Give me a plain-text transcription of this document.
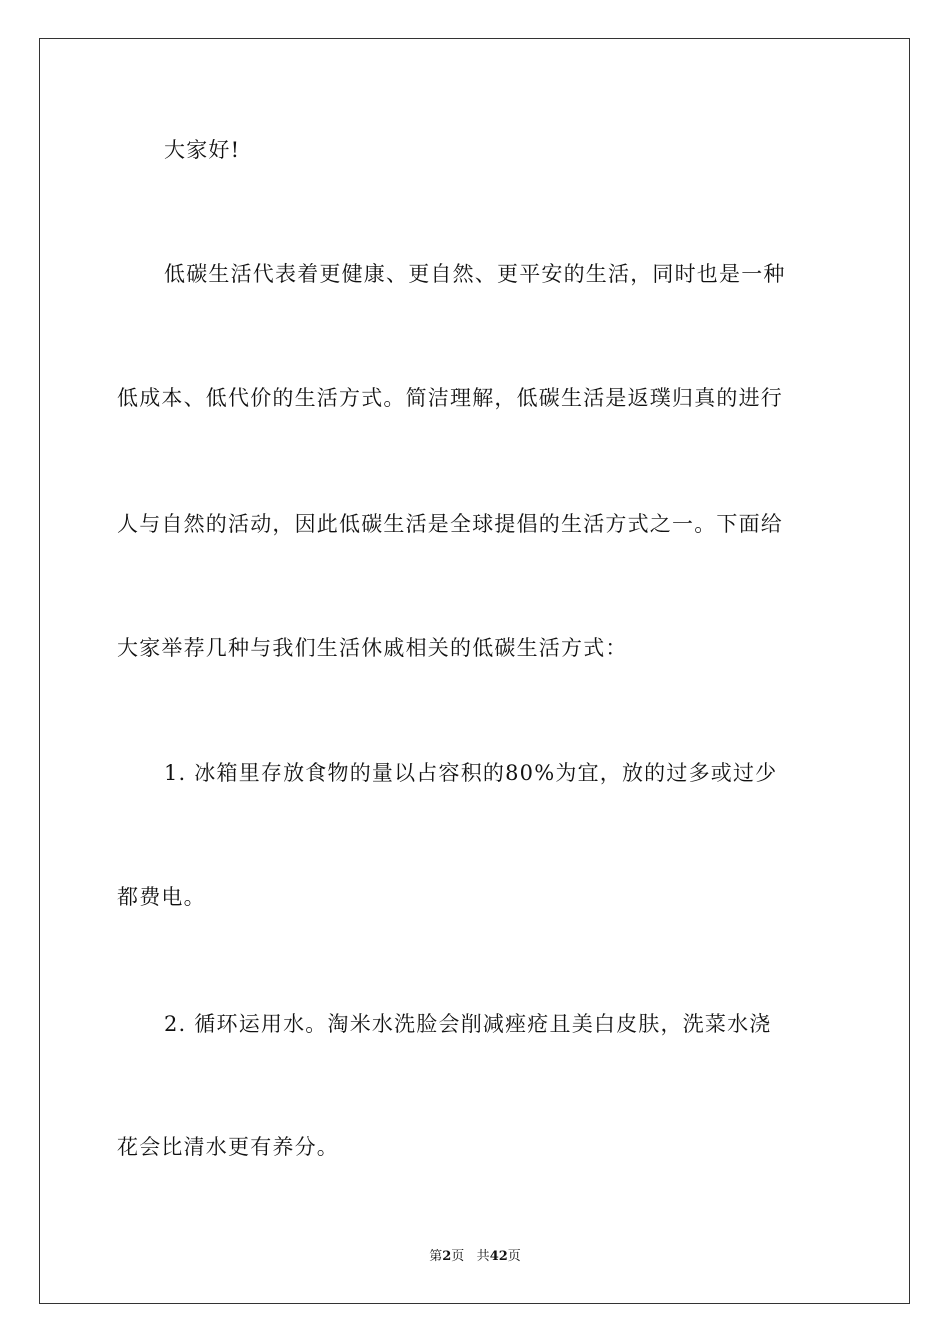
大家好!
低碳生活代表着更健康、更自然、更平安的生活，同时也是一种
低成本、低代价的生活方式。简洁理解，低碳生活是返璞归真的进行
人与自然的活动，因此低碳生活是全球提倡的生活方式之一。下面给
大家举荐几种与我们生活休戚相关的低碳生活方式：
1. 冰箱里存放食物的量以占容积的80%为宜，放的过多或过少
都费电。
2. 循环运用水。淘米水洗脸会削减痤疮且美白皮肤，洗菜水浇
花会比清水更有养分。
第2页 共42页
